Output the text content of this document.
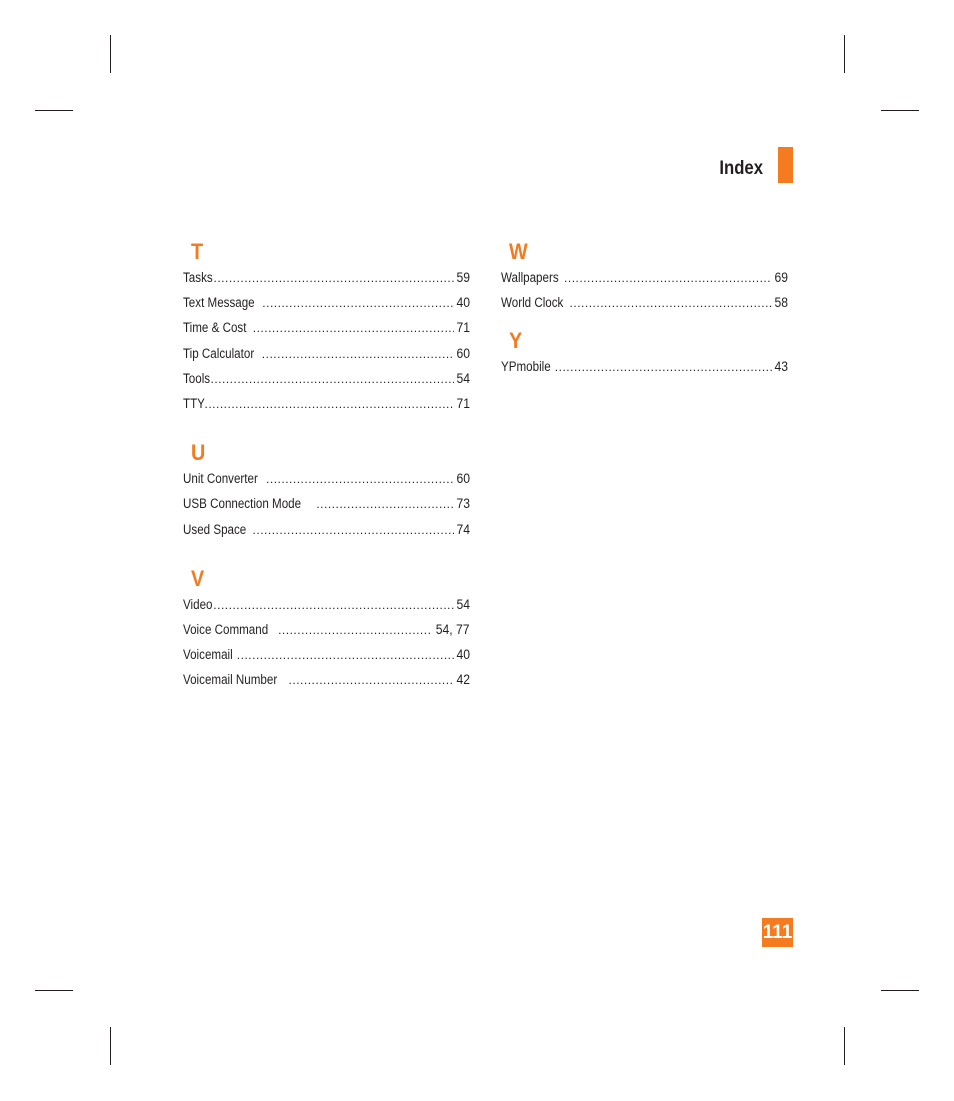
Index
T
Tasks .....	59
Text Message .....	40
Time & Cost .....	71
Tip Calculator .....	60
Tools .....	54
TTY .....	71
U
Unit Converter .....	60
USB Connection Mode .....	73
Used Space .....	74
V
Video .....	54
Voice Command .....	54, 77
Voicemail .....	40
Voicemail Number .....	42
W
Wallpapers .....	69
World Clock .....	58
Y
YPmobile .....	43
111
